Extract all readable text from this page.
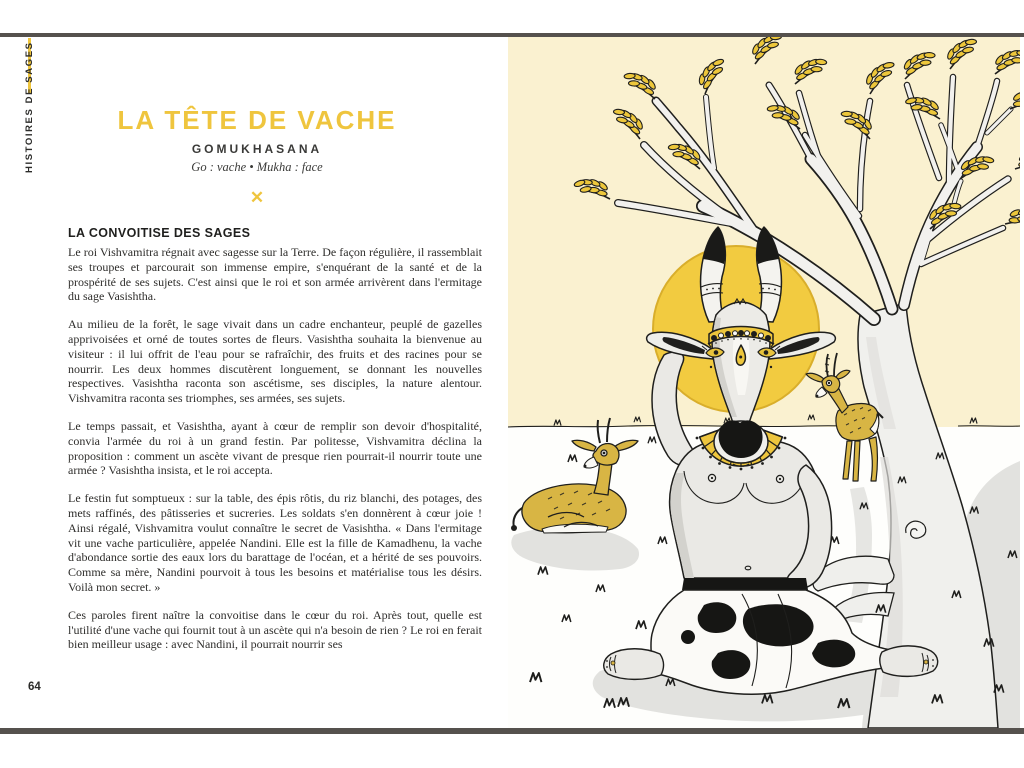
HISTOIRES DE SAGES	LA TÊTE DE VACHE
GOMUKHASANA
Go : vache • Mukha : face
✕
LA CONVOITISE DES SAGES

Le roi Vishvamitra régnait avec sagesse sur la Terre. De façon régulière, il rassemblait ses troupes et parcourait son immense empire, s'enquérant de la santé et de la prospérité de ses sujets. C'est ainsi que le roi et son armée arrivèrent dans l'ermitage du sage Vasishtha.

Au milieu de la forêt, le sage vivait dans un cadre enchanteur, peuplé de gazelles apprivoisées et orné de toutes sortes de fleurs. Vasishtha souhaita la bienvenue au visiteur : il lui offrit de l'eau pour se rafraîchir, des fruits et des racines pour se nourrir. Les deux hommes discutèrent longuement, se donnant les nouvelles respectives. Vasishtha raconta son ascétisme, ses disciples, la nature alentour. Vishvamitra raconta ses triomphes, ses armées, ses sujets.

Le temps passait, et Vasishtha, ayant à cœur de remplir son devoir d'hospitalité, convia l'armée du roi à un grand festin. Par politesse, Vishvamitra déclina la proposition : comment un ascète vivant de presque rien pourrait-il nourrir toute une armée ? Vasishtha insista, et le roi accepta.

Le festin fut somptueux : sur la table, des épis rôtis, du riz blanchi, des potages, des mets raffinés, des pâtisseries et sucreries. Les soldats s'en donnèrent à cœur joie ! Ainsi régalé, Vishvamitra voulut connaître le secret de Vasishtha. « Dans l'ermitage vit une vache particulière, appelée Nandini. Elle est la fille de Kamadhenu, la vache d'abondance sortie des eaux lors du barattage de l'océan, et a hérité de ses pouvoirs. Comme sa mère, Nandini pourvoit à tous les besoins et matérialise tous les désirs. Voilà mon secret. »

Ces paroles firent naître la convoitise dans le cœur du roi. Après tout, quelle est l'utilité d'une vache qui fournit tout à un ascète qui n'a besoin de rien ? Le roi en ferait bien meilleur usage : avec Nandini, il pourrait nourrir ses

64
